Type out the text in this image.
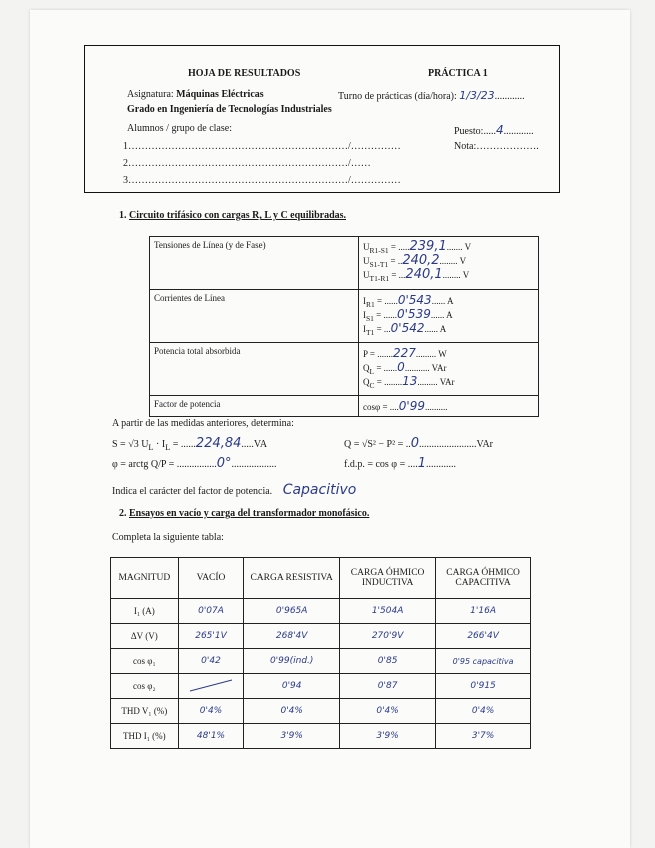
HOJA DE RESULTADOS	PRÁCTICA 1
Asignatura: Máquinas Eléctricas	Turno de prácticas (día/hora): 1/3/23............
Grado en Ingeniería de Tecnologías Industriales
Alumnos / grupo de clase:	Puesto:.....4............
1…………………………………………………………/……………	Nota:……………….
2…………………………………………………………/……
3…………………………………………………………/……………
1. Circuito trifásico con cargas R, L y C equilibradas.
Tensiones de Línea (y de Fase)	$U_{R1-S1} = .....239,1$....... V
$U_{S1-T1} = ..240,2$........ V
$U_{T1-R1} = ...240,1$........ V

Corrientes de Línea	$I_{R1} = ......0'543$...... A
$I_{S1} = ......0'539$...... A
$I_{T1} = ...0'542$...... A

Potencia total absorbida	P = .......227......... W
$Q_L = ......0$........... VAr
$Q_C = ........13$......... VAr

Factor de potencia	cosφ = ....0'99..........
A partir de las medidas anteriores, determina:
S = √3 $U_L \cdot I_L = ......224,84.....VA$	Q = √S² − P² = ..0.......................VAr
φ = arctg Q/P = ................0°..................	f.d.p. = cos φ = ....1............
Indica el carácter del factor de potencia. Capacitivo
2. Ensayos en vacío y carga del transformador monofásico.
Completa la siguiente tabla:
MAGNITUD	VACÍO	CARGA RESISTIVA	CARGA ÓHMICO INDUCTIVA	CARGA ÓHMICO CAPACITIVA
I₁ (A)	0'07A	0'965A	1'504A	1'16A
ΔV (V)	265'1V	268'4V	270'9V	266'4V
cos φ₁	0'42	0'99(ind.)	0'85	0'95 capacitiva
cos φ₂		0'94	0'87	0'915
THD V₁ (%)	0'4%	0'4%	0'4%	0'4%
THD I₁ (%)	48'1%	3'9%	3'9%	3'7%
